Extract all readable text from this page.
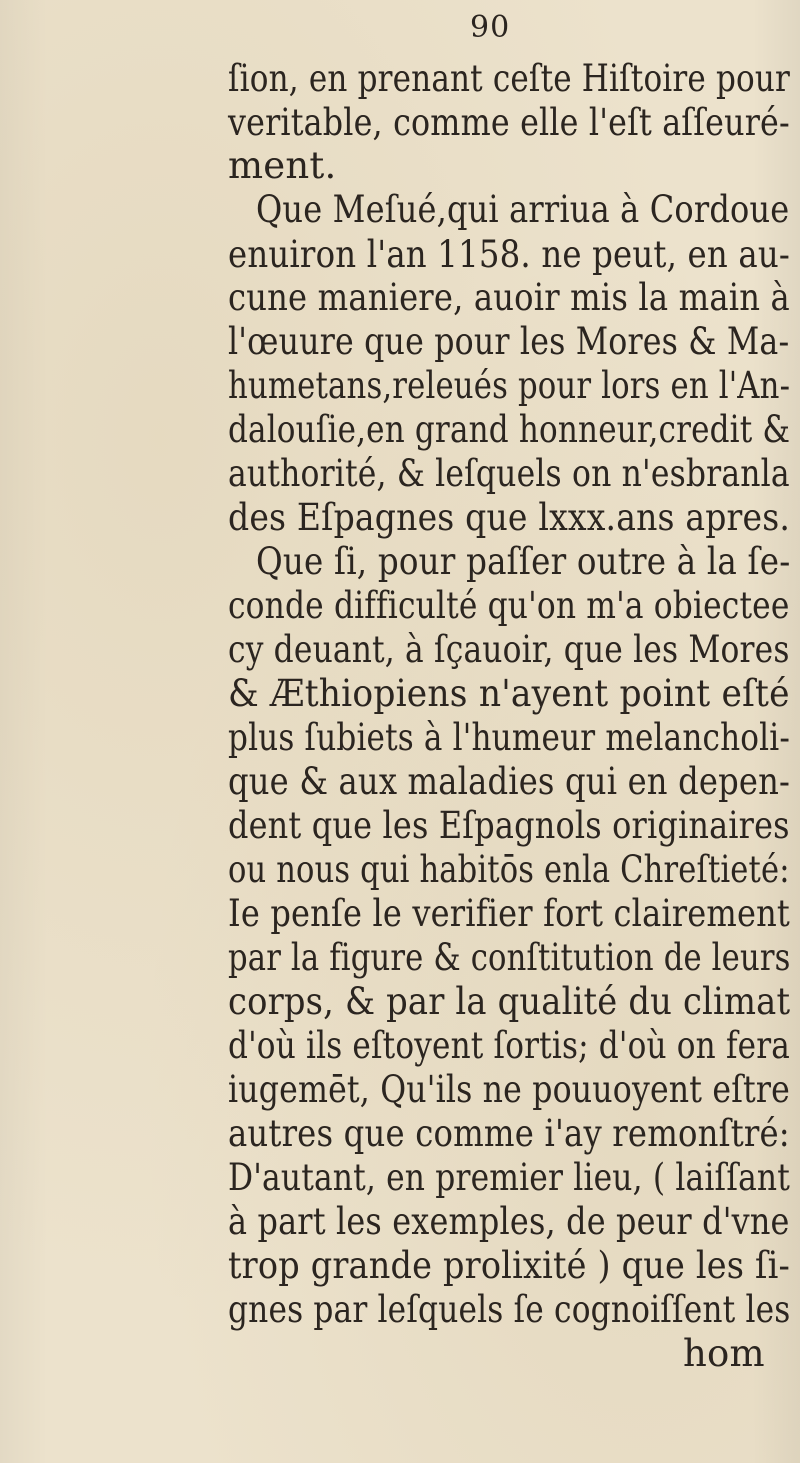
90
ſion, en prenant ceſte Hiſtoire pour
veritable, comme elle l'eſt aſſeuré-
ment.
Que Meſué,qui arriua à Cordoue
enuiron l'an 1158. ne peut, en au-
cune maniere, auoir mis la main à
l'œuure que pour les Mores & Ma-
humetans,releués pour lors en l'An-
dalouſie,en grand honneur,credit &
authorité, & leſquels on n'esbranla
des Eſpagnes que lxxx.ans apres.
Que ſi, pour paſſer outre à la ſe-
conde difficulté qu'on m'a obiectee
cy deuant, à ſçauoir, que les Mores
& Æthiopiens n'ayent point eſté
plus ſubiets à l'humeur melancholi-
que & aux maladies qui en depen-
dent que les Eſpagnols originaires
ou nous qui habitōs enla Chreſtieté:
Ie penſe le verifier fort clairement
par la figure & conſtitution de leurs
corps, & par la qualité du climat
d'où ils eſtoyent ſortis; d'où on fera
iugemēt, Qu'ils ne pouuoyent eſtre
autres que comme i'ay remonſtré:
D'autant, en premier lieu, ( laiſſant
à part les exemples, de peur d'vne
trop grande prolixité ) que les ſi-
gnes par leſquels ſe cognoiſſent les
hom
